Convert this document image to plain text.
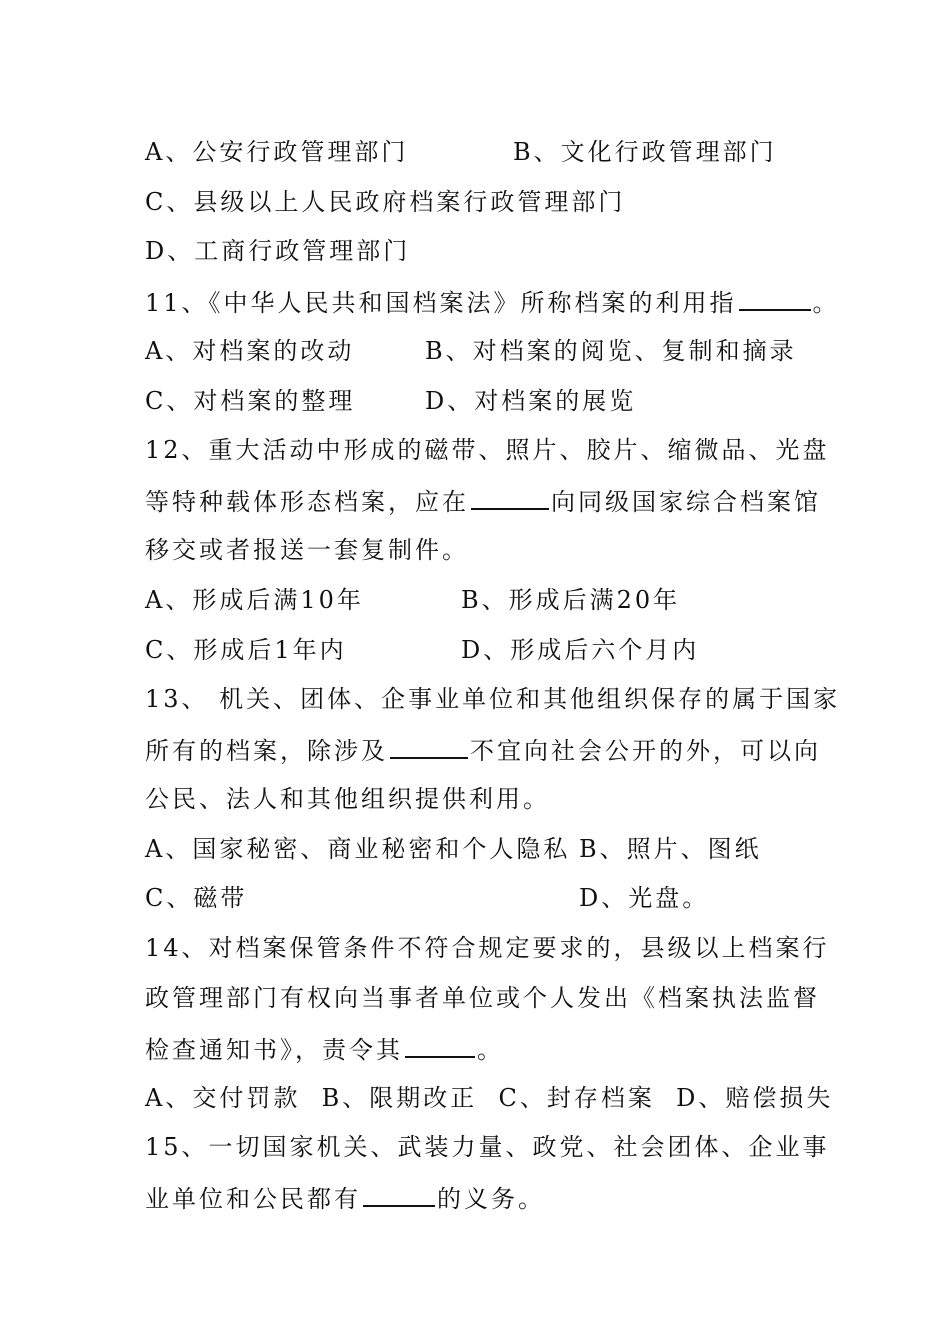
A、公安行政管理部门	B、文化行政管理部门
C、县级以上人民政府档案行政管理部门
D、工商行政管理部门
11、《中华人民共和国档案法》所称档案的利用指	。
A、对档案的改动	B、对档案的阅览、复制和摘录
C、对档案的整理	D、对档案的展览
12、重大活动中形成的磁带、照片、胶片、缩微品、光盘
等特种载体形态档案，应在	向同级国家综合档案馆
移交或者报送一套复制件。
A、形成后满10年	B、形成后满20年
C、形成后1年内	D、形成后六个月内
13、 机关、团体、企事业单位和其他组织保存的属于国家
所有的档案，除涉及	不宜向社会公开的外，可以向
公民、法人和其他组织提供利用。
A、国家秘密、商业秘密和个人隐私 B、照片、图纸
C、磁带	D、光盘。
14、对档案保管条件不符合规定要求的，县级以上档案行
政管理部门有权向当事者单位或个人发出《档案执法监督
检查通知书》，责令其	。
A、交付罚款  B、限期改正  C、封存档案  D、赔偿损失
15、一切国家机关、武装力量、政党、社会团体、企业事
业单位和公民都有	的义务。
